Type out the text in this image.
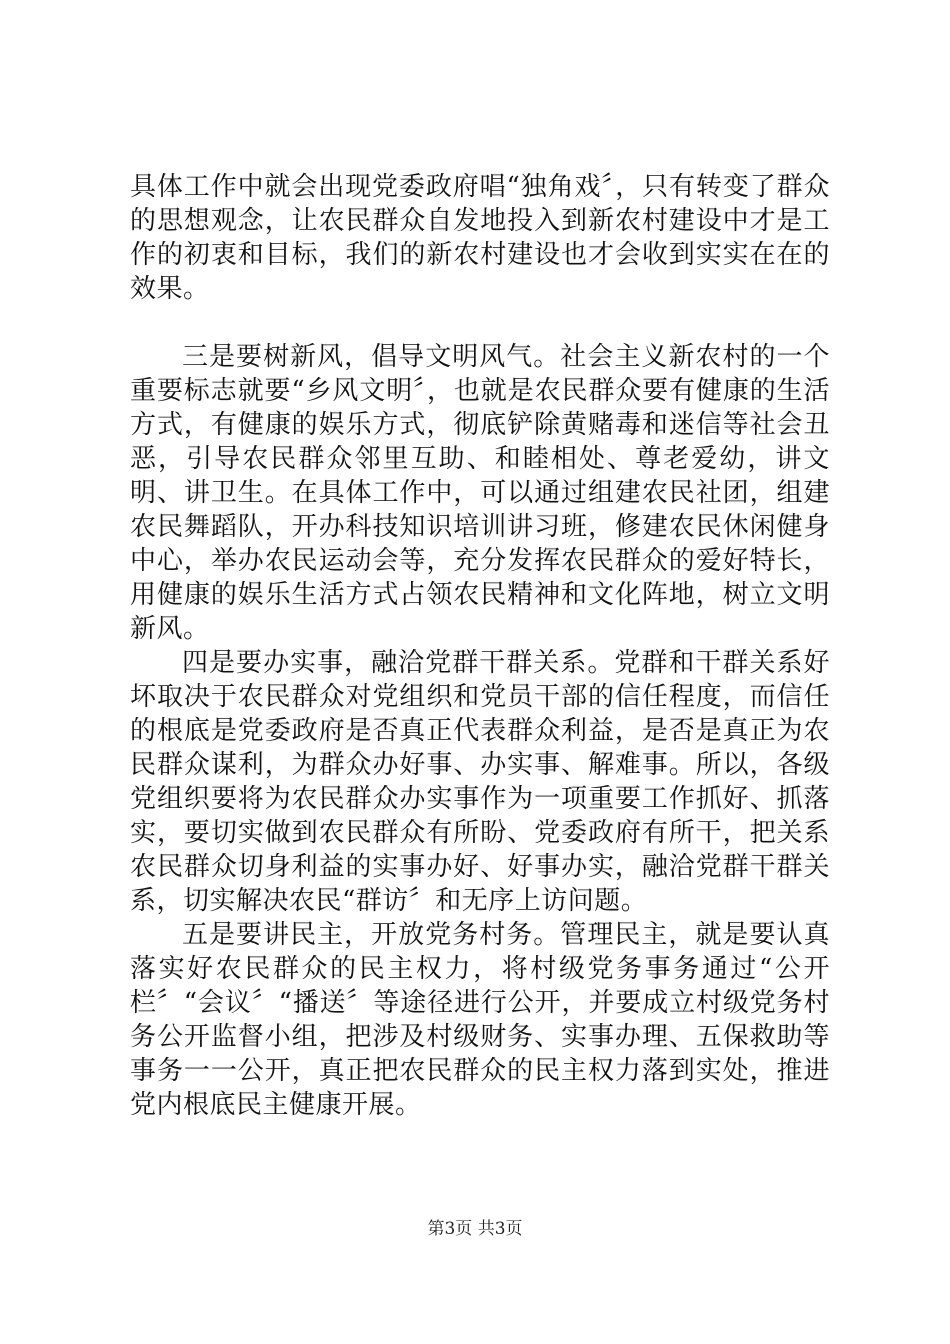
具体工作中就会出现党委政府唱“独角戏〞，只有转变了群众的思想观念，让农民群众自发地投入到新农村建设中才是工作的初衷和目标，我们的新农村建设也才会收到实实在在的效果。

三是要树新风，倡导文明风气。社会主义新农村的一个重要标志就要“乡风文明〞，也就是农民群众要有健康的生活方式，有健康的娱乐方式，彻底铲除黄赌毒和迷信等社会丑恶，引导农民群众邻里互助、和睦相处、尊老爱幼，讲文明、讲卫生。在具体工作中，可以通过组建农民社团，组建农民舞蹈队，开办科技知识培训讲习班，修建农民休闲健身中心，举办农民运动会等，充分发挥农民群众的爱好特长，用健康的娱乐生活方式占领农民精神和文化阵地，树立文明新风。

四是要办实事，融洽党群干群关系。党群和干群关系好坏取决于农民群众对党组织和党员干部的信任程度，而信任的根底是党委政府是否真正代表群众利益，是否是真正为农民群众谋利，为群众办好事、办实事、解难事。所以，各级党组织要将为农民群众办实事作为一项重要工作抓好、抓落实，要切实做到农民群众有所盼、党委政府有所干，把关系农民群众切身利益的实事办好、好事办实，融洽党群干群关系，切实解决农民“群访〞和无序上访问题。

五是要讲民主，开放党务村务。管理民主，就是要认真落实好农民群众的民主权力，将村级党务事务通过“公开栏〞“会议〞“播送〞等途径进行公开，并要成立村级党务村务公开监督小组，把涉及村级财务、实事办理、五保救助等事务一一公开，真正把农民群众的民主权力落到实处，推进党内根底民主健康开展。

第3页 共3页
